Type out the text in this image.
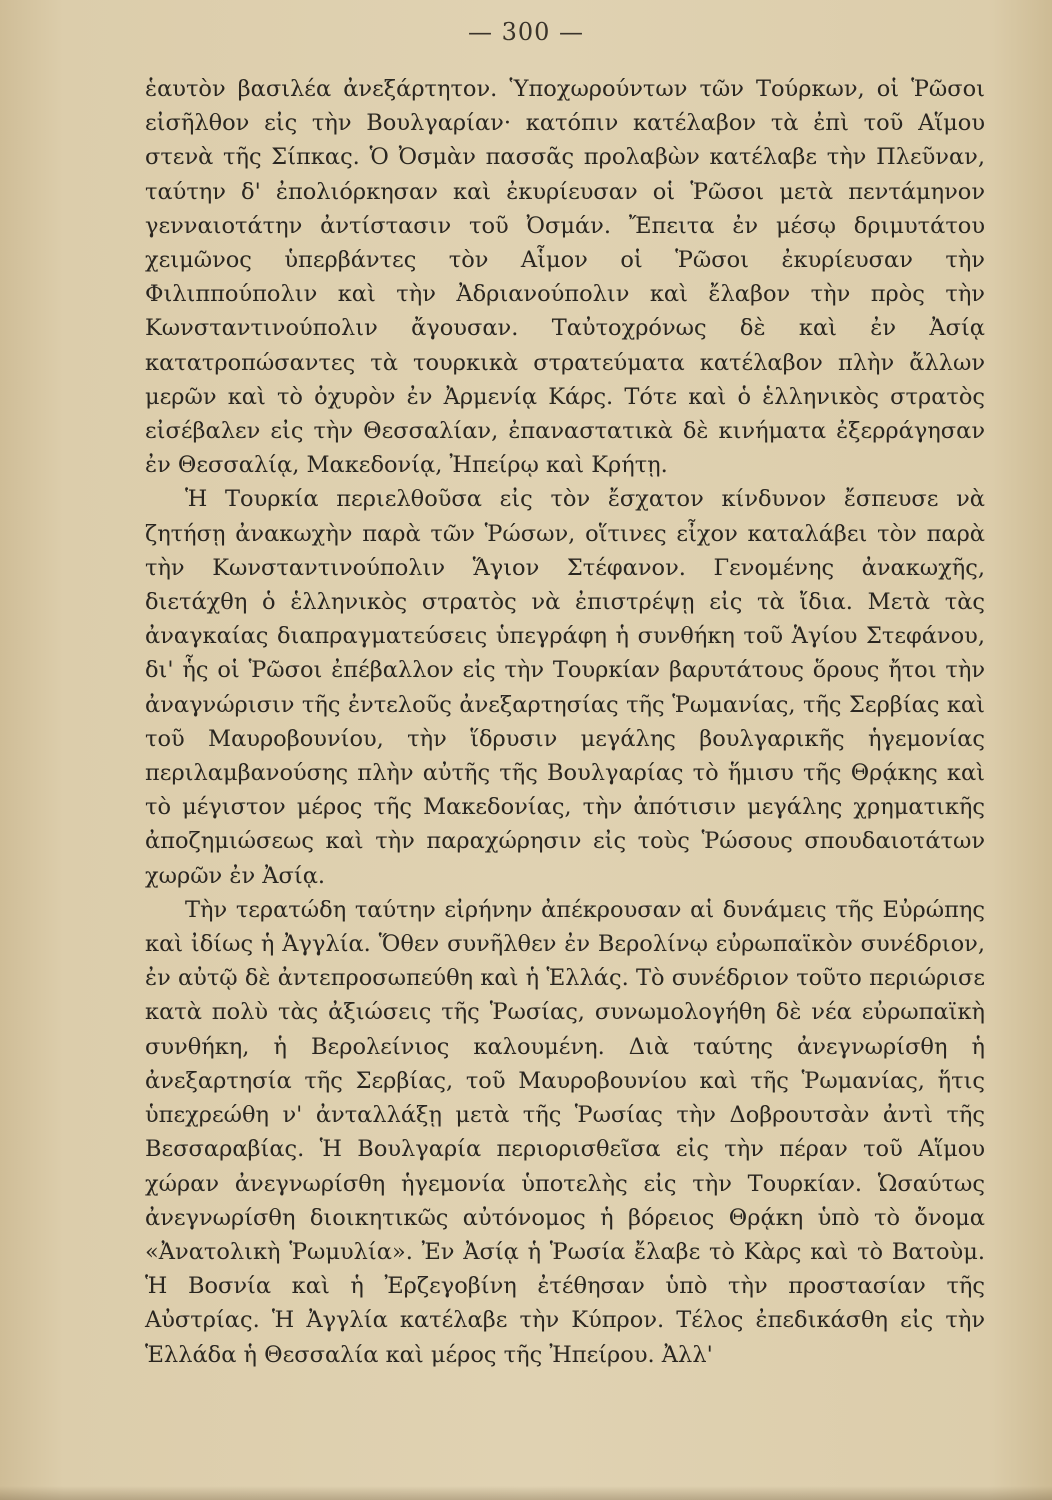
— 300 —

ἑαυτὸν βασιλέα ἀνεξάρτητον. Ὑποχωρούντων τῶν Τούρκων, οἱ Ῥῶσοι εἰσῆλθον εἰς τὴν Βουλγαρίαν· κατόπιν κατέλαβον τὰ ἐπὶ τοῦ Αἵμου στενὰ τῆς Σίπκας. Ὁ Ὀσμὰν πασσᾶς προλαβὼν κατέλαβε τὴν Πλεῦναν, ταύτην δ' ἐπολιόρκησαν καὶ ἐκυρίευσαν οἱ Ῥῶσοι μετὰ πεντάμηνον γενναιοτάτην ἀντίστασιν τοῦ Ὀσμάν. Ἔπειτα ἐν μέσῳ δριμυτάτου χειμῶνος ὑπερβάντες τὸν Αἷμον οἱ Ῥῶσοι ἐκυρίευσαν τὴν Φιλιππούπολιν καὶ τὴν Ἀδριανούπολιν καὶ ἔλαβον τὴν πρὸς τὴν Κωνσταντινούπολιν ἄγουσαν. Ταὐτοχρόνως δὲ καὶ ἐν Ἀσίᾳ κατατροπώσαντες τὰ τουρκικὰ στρατεύματα κατέλαβον πλὴν ἄλλων μερῶν καὶ τὸ ὀχυρὸν ἐν Ἀρμενίᾳ Κάρς. Τότε καὶ ὁ ἑλληνικὸς στρατὸς εἰσέβαλεν εἰς τὴν Θεσσαλίαν, ἐπαναστατικὰ δὲ κινήματα ἐξερράγησαν ἐν Θεσσαλίᾳ, Μακεδονίᾳ, Ἠπείρῳ καὶ Κρήτῃ.

Ἡ Τουρκία περιελθοῦσα εἰς τὸν ἔσχατον κίνδυνον ἔσπευσε νὰ ζητήσῃ ἀνακωχὴν παρὰ τῶν Ῥώσων, οἵτινες εἶχον καταλάβει τὸν παρὰ τὴν Κωνσταντινούπολιν Ἅγιον Στέφανον. Γενομένης ἀνακωχῆς, διετάχθη ὁ ἑλληνικὸς στρατὸς νὰ ἐπιστρέψῃ εἰς τὰ ἴδια. Μετὰ τὰς ἀναγκαίας διαπραγματεύσεις ὑπεγράφη ἡ συνθήκη τοῦ Ἁγίου Στεφάνου, δι' ἧς οἱ Ῥῶσοι ἐπέβαλλον εἰς τὴν Τουρκίαν βαρυτάτους ὅρους ἤτοι τὴν ἀναγνώρισιν τῆς ἐντελοῦς ἀνεξαρτησίας τῆς Ῥωμανίας, τῆς Σερβίας καὶ τοῦ Μαυροβουνίου, τὴν ἵδρυσιν μεγάλης βουλγαρικῆς ἡγεμονίας περιλαμβανούσης πλὴν αὐτῆς τῆς Βουλγαρίας τὸ ἥμισυ τῆς Θρᾴκης καὶ τὸ μέγιστον μέρος τῆς Μακεδονίας, τὴν ἀπότισιν μεγάλης χρηματικῆς ἀποζημιώσεως καὶ τὴν παραχώρησιν εἰς τοὺς Ῥώσους σπουδαιοτάτων χωρῶν ἐν Ἀσίᾳ.

Τὴν τερατώδη ταύτην εἰρήνην ἀπέκρουσαν αἱ δυνάμεις τῆς Εὐρώπης καὶ ἰδίως ἡ Ἀγγλία. Ὅθεν συνῆλθεν ἐν Βερολίνῳ εὐρωπαϊκὸν συνέδριον, ἐν αὐτῷ δὲ ἀντεπροσωπεύθη καὶ ἡ Ἑλλάς. Τὸ συνέδριον τοῦτο περιώρισε κατὰ πολὺ τὰς ἀξιώσεις τῆς Ῥωσίας, συνωμολογήθη δὲ νέα εὐρωπαϊκὴ συνθήκη, ἡ Βερολείνιος καλουμένη. Διὰ ταύτης ἀνεγνωρίσθη ἡ ἀνεξαρτησία τῆς Σερβίας, τοῦ Μαυροβουνίου καὶ τῆς Ῥωμανίας, ἥτις ὑπεχρεώθη ν' ἀνταλλάξῃ μετὰ τῆς Ῥωσίας τὴν Δοβρουτσὰν ἀντὶ τῆς Βεσσαραβίας. Ἡ Βουλγαρία περιορισθεῖσα εἰς τὴν πέραν τοῦ Αἵμου χώραν ἀνεγνωρίσθη ἡγεμονία ὑποτελὴς εἰς τὴν Τουρκίαν. Ὡσαύτως ἀνεγνωρίσθη διοικητικῶς αὐτόνομος ἡ βόρειος Θρᾴκη ὑπὸ τὸ ὄνομα «Ἀνατολικὴ Ῥωμυλία». Ἐν Ἀσίᾳ ἡ Ῥωσία ἔλαβε τὸ Κὰρς καὶ τὸ Βατοὺμ. Ἡ Βοσνία καὶ ἡ Ἐρζεγοβίνη ἐτέθησαν ὑπὸ τὴν προστασίαν τῆς Αὐστρίας. Ἡ Ἀγγλία κατέλαβε τὴν Κύπρον. Τέλος ἐπεδικάσθη εἰς τὴν Ἑλλάδα ἡ Θεσσαλία καὶ μέρος τῆς Ἠπείρου. Ἀλλ'
